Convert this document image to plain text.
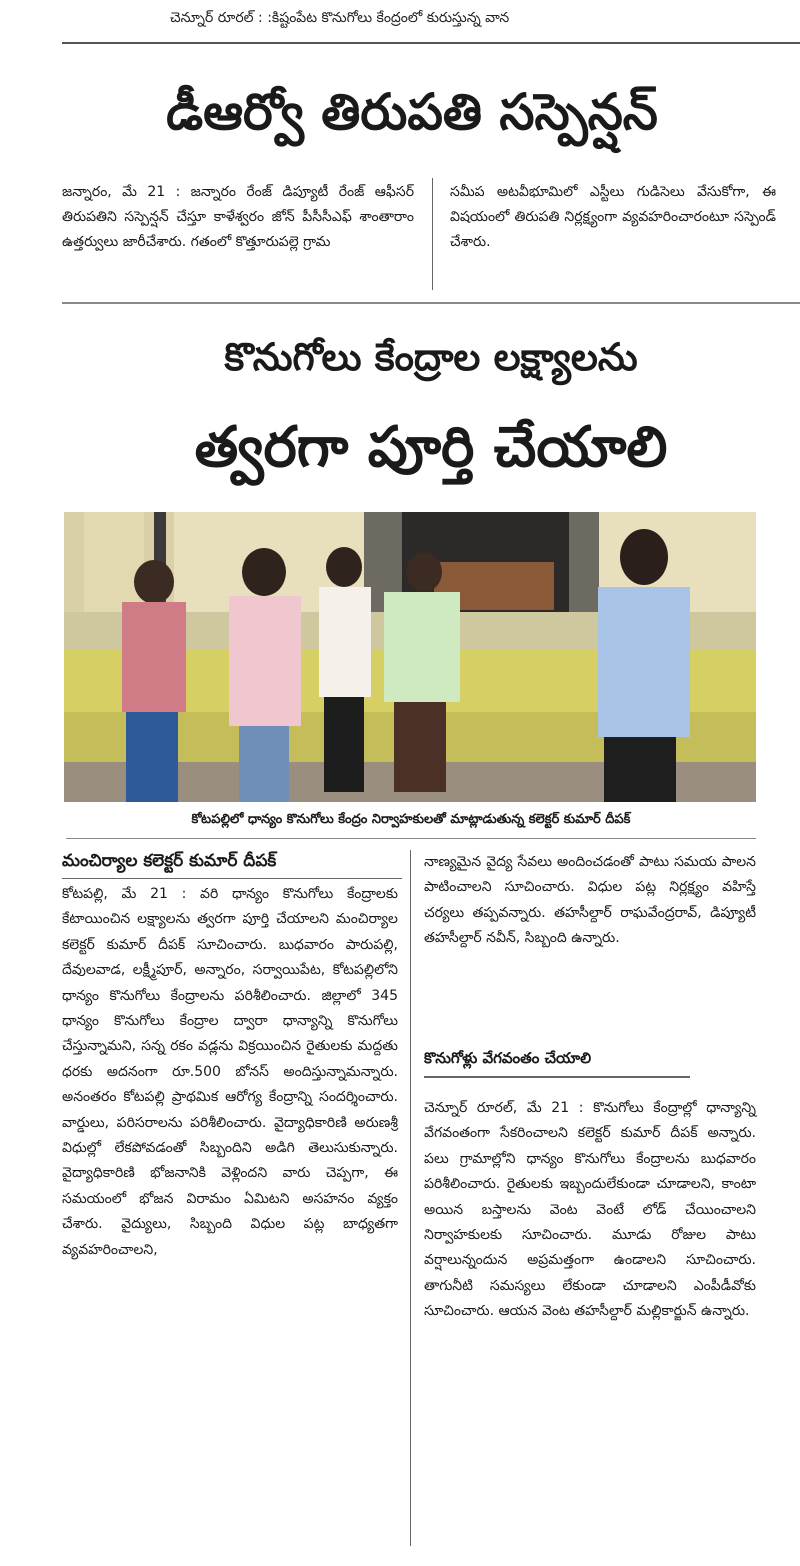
చెన్నూర్ రూరల్ : :కిష్టంపేట కొనుగోలు కేంద్రంలో కురుస్తున్న వాన
డీఆర్వో తిరుపతి సస్పెన్షన్
జన్నారం, మే 21 : జన్నారం రేంజ్ డిప్యూటీ రేంజ్ ఆఫీసర్ తిరుపతిని సస్పెన్షన్ చేస్తూ కాళేశ్వరం జోన్ పీసీసీఎఫ్ శాంతారాం ఉత్తర్వులు జారీచేశారు. గతంలో కొత్తూరుపల్లె గ్రామ
సమీప అటవీభూమిలో ఎస్టీలు గుడిసెలు వేసుకోగా, ఈ విషయంలో తిరుపతి నిర్లక్ష్యంగా వ్యవహరించారంటూ సస్పెండ్ చేశారు.
కొనుగోలు కేంద్రాల లక్ష్యాలను
త్వరగా పూర్తి చేయాలి
కోటపల్లిలో ధాన్యం కొనుగోలు కేంద్రం నిర్వాహకులతో మాట్లాడుతున్న కలెక్టర్ కుమార్ దీపక్
మంచిర్యాల కలెక్టర్ కుమార్ దీపక్
కోటపల్లి, మే 21 : వరి ధాన్యం కొనుగోలు కేంద్రాలకు కేటాయించిన లక్ష్యాలను త్వరగా పూర్తి చేయాలని మంచిర్యాల కలెక్టర్ కుమార్ దీపక్ సూచించారు. బుధవారం పారుపల్లి, దేవులవాడ, లక్ష్మీపూర్, అన్నారం, సర్వాయిపేట, కోటపల్లిలోని ధాన్యం కొనుగోలు కేంద్రాలను పరిశీలించారు. జిల్లాలో 345 ధాన్యం కొనుగోలు కేంద్రాల ద్వారా ధాన్యాన్ని కొనుగోలు చేస్తున్నామని, సన్న రకం వడ్లను విక్రయించిన రైతులకు మద్దతు ధరకు అదనంగా రూ.500 బోనస్ అందిస్తున్నామన్నారు. అనంతరం కోటపల్లి ప్రాథమిక ఆరోగ్య కేంద్రాన్ని సందర్శించారు. వార్డులు, పరిసరాలను పరిశీలించారు. వైద్యాధికారిణి అరుణశ్రీ విధుల్లో లేకపోవడంతో సిబ్బందిని అడిగి తెలుసుకున్నారు. వైద్యాధికారిణి భోజనానికి వెళ్లిందని వారు చెప్పగా, ఈ సమయంలో భోజన విరామం ఏమిటని అసహనం వ్యక్తం చేశారు. వైద్యులు, సిబ్బంది విధుల పట్ల బాధ్యతగా వ్యవహరించాలని,
నాణ్యమైన వైద్య సేవలు అందించడంతో పాటు సమయ పాలన పాటించాలని సూచించారు. విధుల పట్ల నిర్లక్ష్యం వహిస్తే చర్యలు తప్పవన్నారు. తహసీల్దార్ రాఘవేంద్రరావ్, డిప్యూటీ తహసీల్దార్ నవీన్, సిబ్బంది ఉన్నారు.
కొనుగోళ్లు వేగవంతం చేయాలి
చెన్నూర్ రూరల్, మే 21 : కొనుగోలు కేంద్రాల్లో ధాన్యాన్ని వేగవంతంగా సేకరించాలని కలెక్టర్ కుమార్ దీపక్ అన్నారు. పలు గ్రామాల్లోని ధాన్యం కొనుగోలు కేంద్రాలను బుధవారం పరిశీలించారు. రైతులకు ఇబ్బందులేకుండా చూడాలని, కాంటా అయిన బస్తాలను వెంట వెంటే లోడ్ చేయించాలని నిర్వాహకులకు సూచించారు. మూడు రోజుల పాటు వర్షాలున్నందున అప్రమత్తంగా ఉండాలని సూచించారు. తాగునీటి సమస్యలు లేకుండా చూడాలని ఎంపీడీవోకు సూచించారు. ఆయన వెంట తహసీల్దార్ మల్లికార్జున్ ఉన్నారు.
